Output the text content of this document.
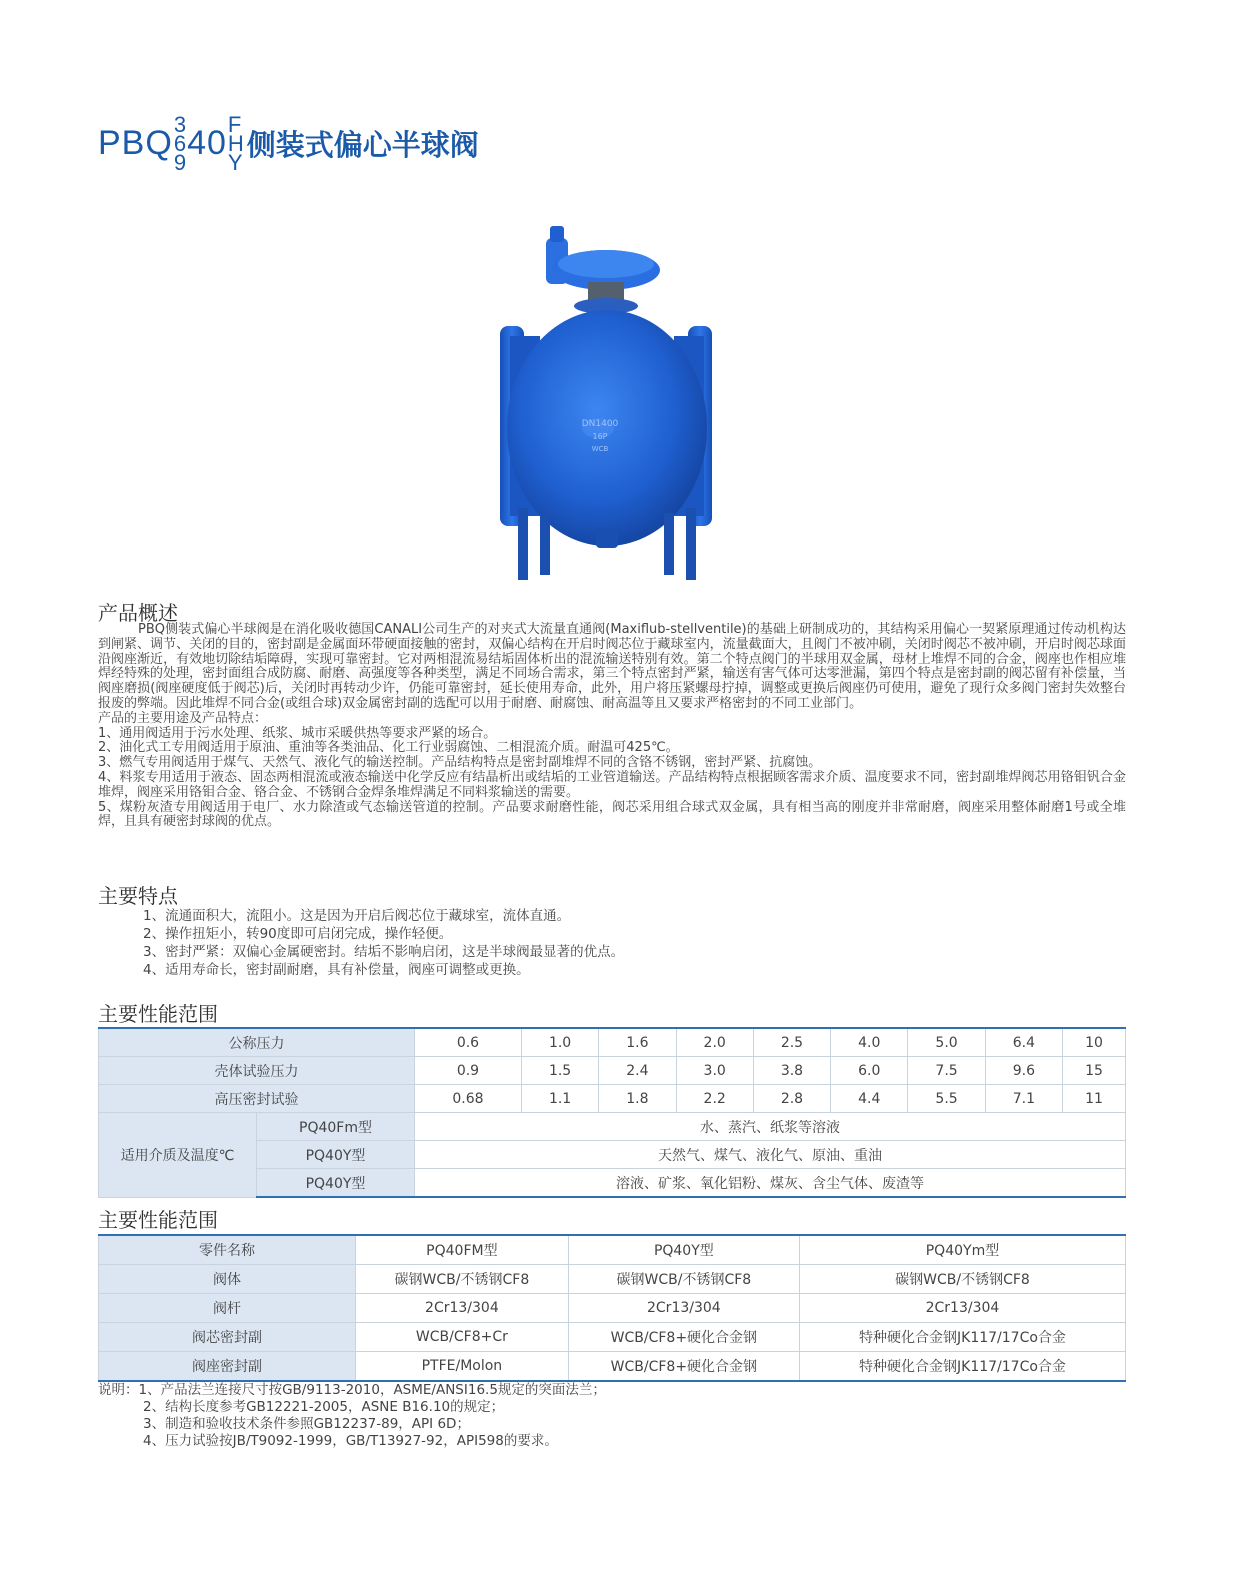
PBQ 3
6
9
40 F
H
Y
侧装式偏心半球阀
DN1400
16P
WCB
产品概述

PBQ侧装式偏心半球阀是在消化吸收德国CANALI公司生产的对夹式大流量直通阀(Maxiflub-stellventile)的基础上研制成功的，其结构采用偏心一契紧原理通过传动机构达到闸紧、调节、关闭的目的，密封副是金属面环带硬面接触的密封，双偏心结构在开启时阀芯位于藏球室内，流量截面大，且阀门不被冲刷，关闭时阀芯不被冲刷，开启时阀芯球面沿阀座渐近，有效地切除结垢障碍，实现可靠密封。它对两相混流易结垢固体析出的混流输送特别有效。第二个特点阀门的半球用双金属，母材上堆焊不同的合金，阀座也作相应堆焊经特殊的处理，密封面组合成防腐、耐磨、高强度等各种类型，满足不同场合需求，第三个特点密封严紧，输送有害气体可达零泄漏，第四个特点是密封副的阀芯留有补偿量，当阀座磨损(阀座硬度低于阀芯)后，关闭时再转动少许，仍能可靠密封，延长使用寿命，此外，用户将压紧螺母拧掉，调整或更换后阀座仍可使用，避免了现行众多阀门密封失效整台报废的弊端。因此堆焊不同合金(或组合球)双金属密封副的选配可以用于耐磨、耐腐蚀、耐高温等且又要求严格密封的不同工业部门。

产品的主要用途及产品特点：

1、通用阀适用于污水处理、纸浆、城市采暖供热等要求严紧的场合。

2、油化式工专用阀适用于原油、重油等各类油品、化工行业弱腐蚀、二相混流介质。耐温可425℃。

3、燃气专用阀适用于煤气、天然气、液化气的输送控制。产品结构特点是密封副堆焊不同的含铬不锈钢，密封严紧、抗腐蚀。

4、料浆专用适用于液态、固态两相混流或液态输送中化学反应有结晶析出或结垢的工业管道输送。产品结构特点根据顾客需求介质、温度要求不同，密封副堆焊阀芯用铬钼钒合金堆焊，阀座采用铬钼合金、铬合金、不锈钢合金焊条堆焊满足不同料浆输送的需要。

5、煤粉灰渣专用阀适用于电厂、水力除渣或气态输送管道的控制。产品要求耐磨性能，阀芯采用组合球式双金属，具有相当高的刚度并非常耐磨，阀座采用整体耐磨1号或全堆焊，且具有硬密封球阀的优点。

主要特点
1、流通面积大，流阻小。这是因为开启后阀芯位于藏球室，流体直通。
2、操作扭矩小，转90度即可启闭完成，操作轻便。
3、密封严紧：双偏心金属硬密封。结垢不影响启闭，这是半球阀最显著的优点。
4、适用寿命长，密封副耐磨，具有补偿量，阀座可调整或更换。
主要性能范围
公称压力		0.6	1.0	1.6	2.0	2.5	4.0	5.0	6.4	10
壳体试验压力		0.9	1.5	2.4	3.0	3.8	6.0	7.5	9.6	15
高压密封试验		0.68	1.1	1.8	2.2	2.8	4.4	5.5	7.1	11
适用介质及温度℃	PQ40Fm型	水、蒸汽、纸浆等溶液								
	PQ40Y型	天然气、煤气、液化气、原油、重油								
	PQ40Y型	溶液、矿浆、氧化铝粉、煤灰、含尘气体、废渣等								
主要性能范围
零件名称	PQ40FM型	PQ40Y型	PQ40Ym型
阀体	碳钢WCB/不锈钢CF8	碳钢WCB/不锈钢CF8	碳钢WCB/不锈钢CF8
阀杆	2Cr13/304	2Cr13/304	2Cr13/304
阀芯密封副	WCB/CF8+Cr	WCB/CF8+硬化合金钢	特种硬化合金钢JK117/17Co合金
阀座密封副	PTFE/Molon	WCB/CF8+硬化合金钢	特种硬化合金钢JK117/17Co合金
说明：1、产品法兰连接尺寸按GB/9113-2010，ASME/ANSI16.5规定的突面法兰；
2、结构长度参考GB12221-2005，ASNE B16.10的规定；
3、制造和验收技术条件参照GB12237-89，API 6D；
4、压力试验按JB/T9092-1999，GB/T13927-92，API598的要求。
